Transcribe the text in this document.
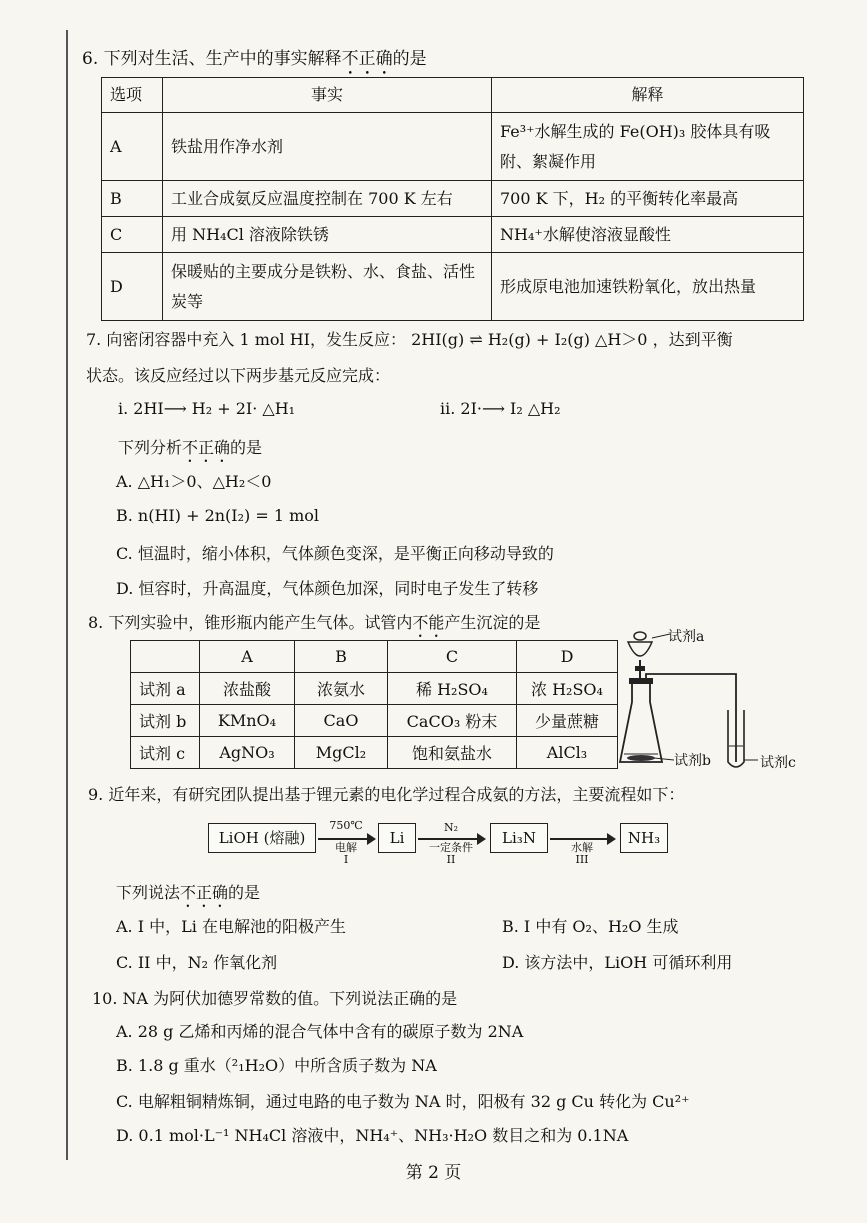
6. 下列对生活、生产中的事实解释不正确的是
选项	事实	解释
A	铁盐用作净水剂	Fe³⁺水解生成的 Fe(OH)₃ 胶体具有吸附、絮凝作用
B	工业合成氨反应温度控制在 700 K 左右	700 K 下，H₂ 的平衡转化率最高
C	用 NH₄Cl 溶液除铁锈	NH₄⁺水解使溶液显酸性
D	保暖贴的主要成分是铁粉、水、食盐、活性炭等	形成原电池加速铁粉氧化，放出热量
7. 向密闭容器中充入 1 mol HI，发生反应： 2HI(g) ⇌ H₂(g) + I₂(g) △H＞0 ，达到平衡
状态。该反应经过以下两步基元反应完成：
i. 2HI⟶ H₂ + 2I· △H₁	ii. 2I·⟶ I₂ △H₂
下列分析不正确的是
A. △H₁＞0、△H₂＜0
B. n(HI) + 2n(I₂) = 1 mol
C. 恒温时，缩小体积，气体颜色变深，是平衡正向移动导致的
D. 恒容时，升高温度，气体颜色加深，同时电子发生了转移
8. 下列实验中，锥形瓶内能产生气体。试管内不能产生沉淀的是
	A	B	C	D
试剂 a	浓盐酸	浓氨水	稀 H₂SO₄	浓 H₂SO₄
试剂 b	KMnO₄	CaO	CaCO₃ 粉末	少量蔗糖
试剂 c	AgNO₃	MgCl₂	饱和氨盐水	AlCl₃
试剂a
试剂b	试剂c
9. 近年来，有研究团队提出基于锂元素的电化学过程合成氨的方法，主要流程如下：
LiOH (熔融)
750℃
电解
I
Li
N₂
一定条件
II
Li₃N
水解
III
NH₃
下列说法不正确的是
A. I 中，Li 在电解池的阳极产生	B. I 中有 O₂、H₂O 生成
C. II 中，N₂ 作氧化剂	D. 该方法中，LiOH 可循环利用
10. NA 为阿伏加德罗常数的值。下列说法正确的是
A. 28 g 乙烯和丙烯的混合气体中含有的碳原子数为 2NA
B. 1.8 g 重水（²₁H₂O）中所含质子数为 NA
C. 电解粗铜精炼铜，通过电路的电子数为 NA 时，阳极有 32 g Cu 转化为 Cu²⁺
D. 0.1 mol·L⁻¹ NH₄Cl 溶液中，NH₄⁺、NH₃·H₂O 数目之和为 0.1NA
第 2 页
